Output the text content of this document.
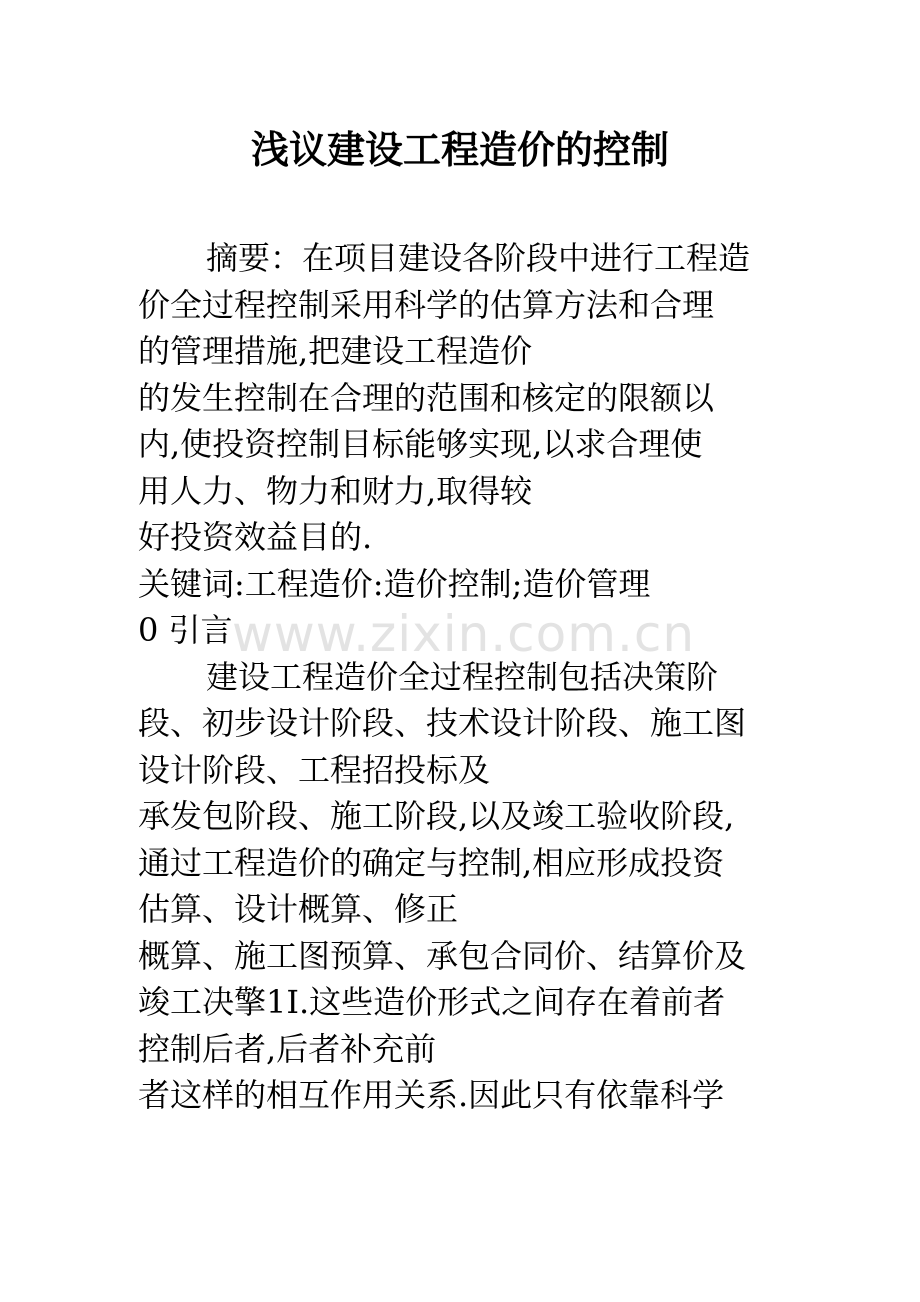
浅议建设工程造价的控制
摘要：在项目建设各阶段中进行工程造
价全过程控制采用科学的估算方法和合理
的管理措施,把建设工程造价
的发生控制在合理的范围和核定的限额以
内,使投资控制目标能够实现,以求合理使
用人力、物力和财力,取得较
好投资效益目的.
关键词:工程造价:造价控制;造价管理
0 引言
建设工程造价全过程控制包括决策阶
段、初步设计阶段、技术设计阶段、施工图
设计阶段、工程招投标及
承发包阶段、施工阶段,以及竣工验收阶段,
通过工程造价的确定与控制,相应形成投资
估算、设计概算、修正
概算、施工图预算、承包合同价、结算价及
竣工决擎1I.这些造价形式之间存在着前者
控制后者,后者补充前
者这样的相互作用关系.因此只有依靠科学
www.zixin.com.cn
